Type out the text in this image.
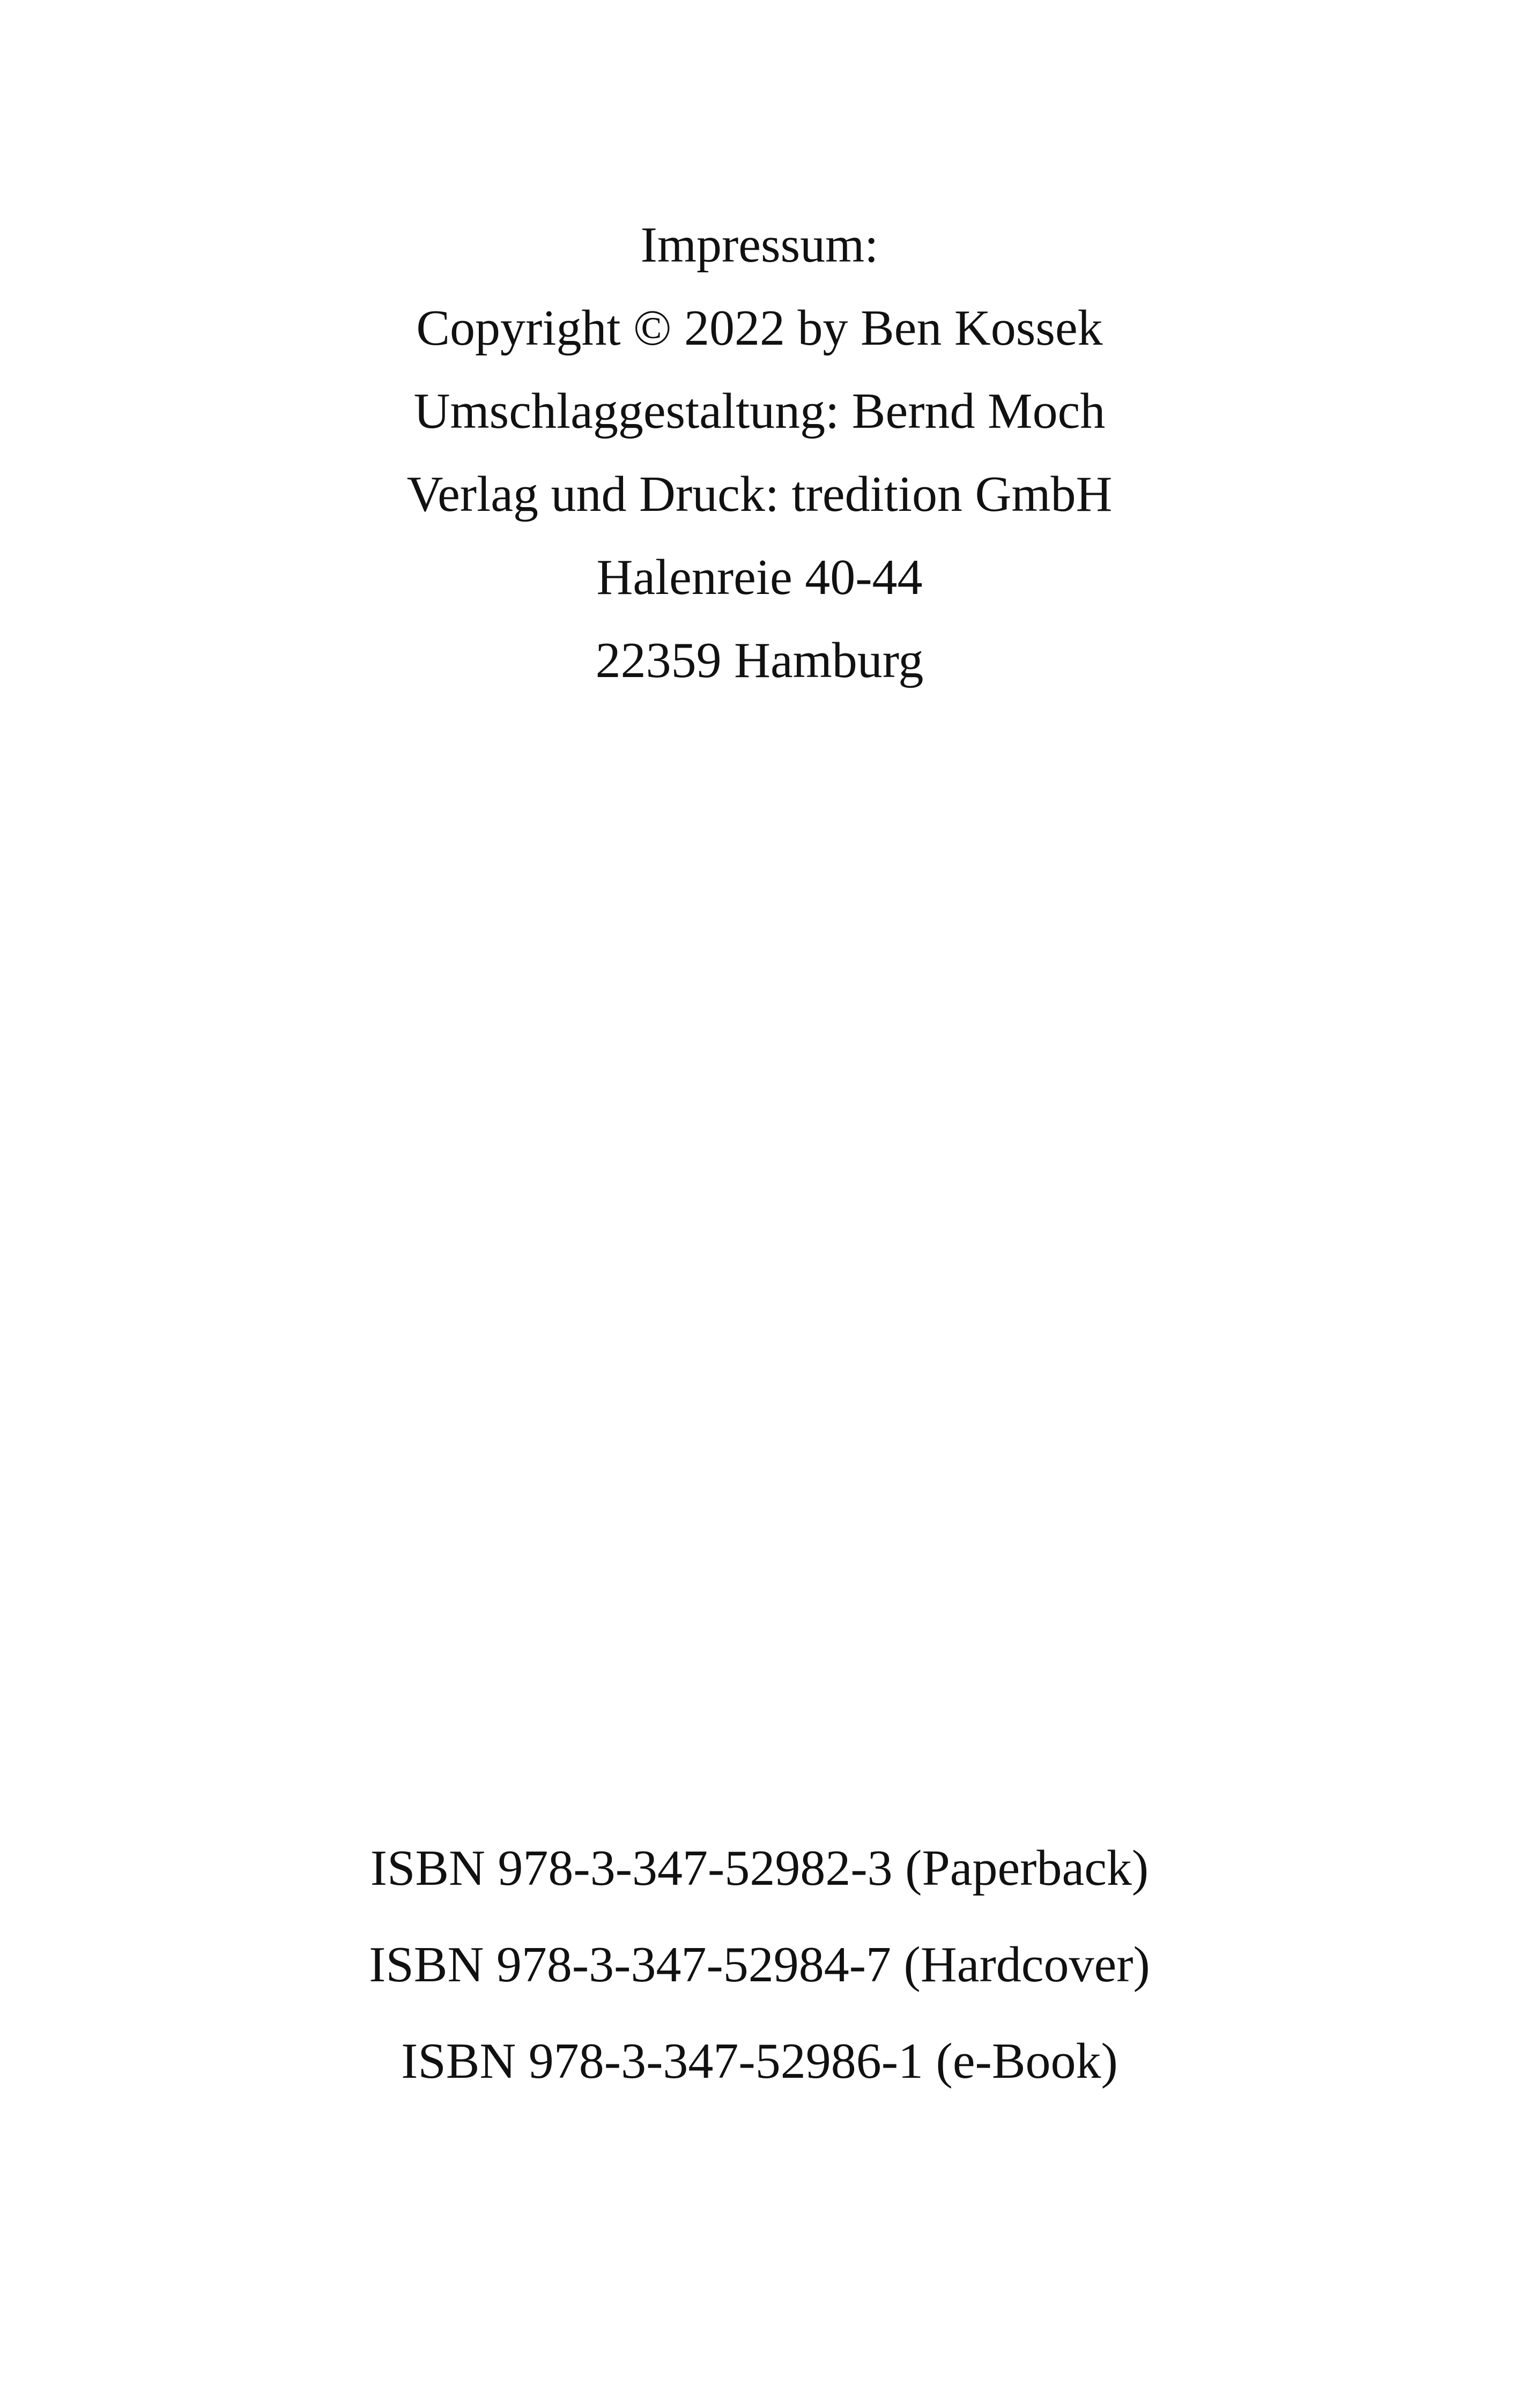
Impressum:
Copyright © 2022 by Ben Kossek
Umschlaggestaltung: Bernd Moch
Verlag und Druck: tredition GmbH
Halenreie 40-44
22359 Hamburg
ISBN 978-3-347-52982-3 (Paperback)
ISBN 978-3-347-52984-7 (Hardcover)
ISBN 978-3-347-52986-1 (e-Book)
